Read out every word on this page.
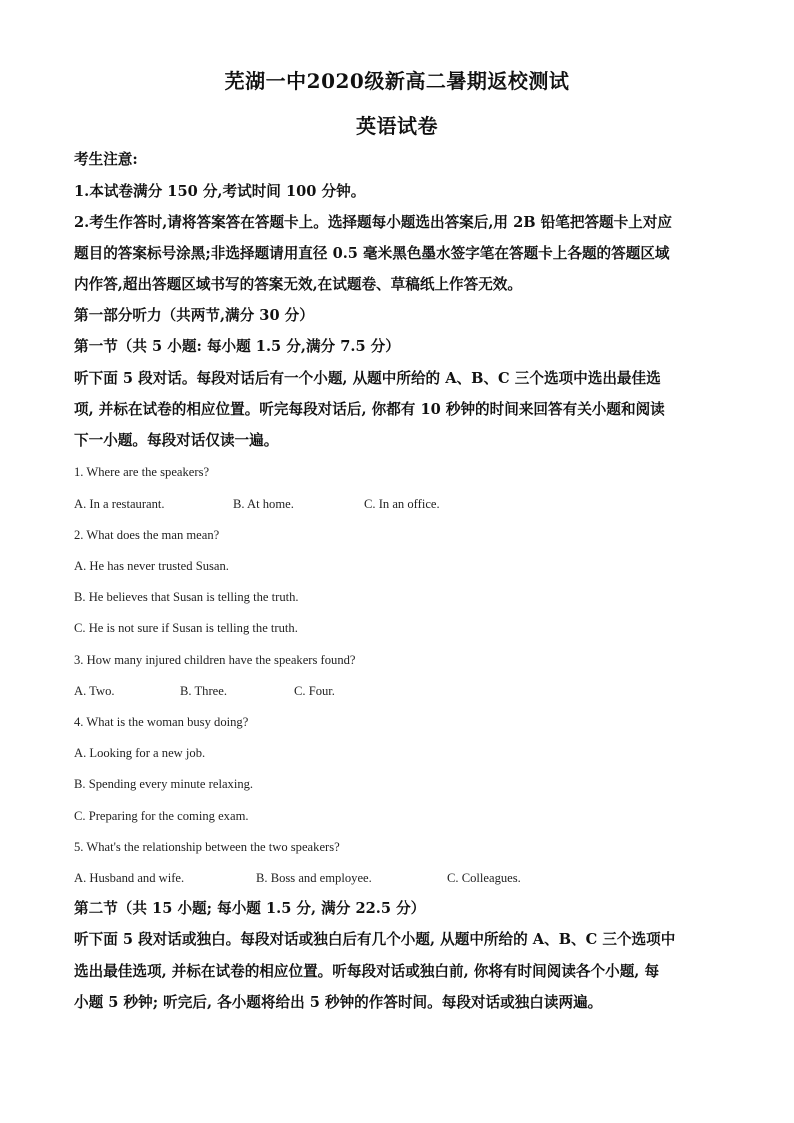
芜湖一中2020级新高二暑期返校测试
英语试卷
考生注意:
1.本试卷满分 150 分,考试时间 100 分钟。
2.考生作答时,请将答案答在答题卡上。选择题每小题选出答案后,用 2B 铅笔把答题卡上对应
题目的答案标号涂黑;非选择题请用直径 0.5 毫米黑色墨水签字笔在答题卡上各题的答题区域
内作答,超出答题区域书写的答案无效,在试题卷、草稿纸上作答无效。
第一部分听力（共两节,满分 30 分）
第一节（共 5 小题: 每小题 1.5 分,满分 7.5 分）
听下面 5 段对话。每段对话后有一个小题, 从题中所给的 A、B、C 三个选项中选出最佳选
项, 并标在试卷的相应位置。听完每段对话后, 你都有 10 秒钟的时间来回答有关小题和阅读
下一小题。每段对话仅读一遍。
1. Where are the speakers?
A. In a restaurant.	B. At home.	C. In an office.
2. What does the man mean?
A. He has never trusted Susan.
B. He believes that Susan is telling the truth.
C. He is not sure if Susan is telling the truth.
3. How many injured children have the speakers found?
A. Two.	B. Three.	C. Four.
4. What is the woman busy doing?
A. Looking for a new job.
B. Spending every minute relaxing.
C. Preparing for the coming exam.
5. What's the relationship between the two speakers?
A. Husband and wife.	B. Boss and employee.	C. Colleagues.
第二节（共 15 小题; 每小题 1.5 分, 满分 22.5 分）
听下面 5 段对话或独白。每段对话或独白后有几个小题, 从题中所给的 A、B、C 三个选项中
选出最佳选项, 并标在试卷的相应位置。听每段对话或独白前, 你将有时间阅读各个小题, 每
小题 5 秒钟; 听完后, 各小题将给出 5 秒钟的作答时间。每段对话或独白读两遍。
